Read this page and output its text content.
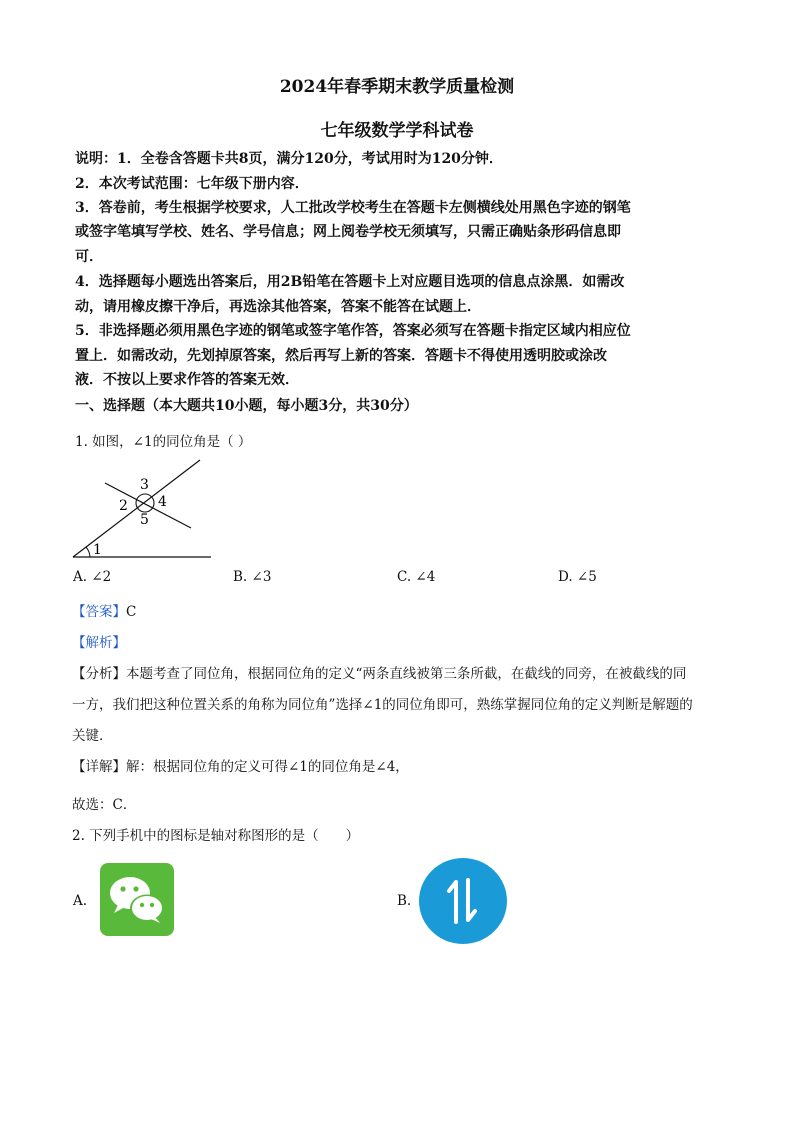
2024年春季期末教学质量检测
七年级数学学科试卷
说明：1．全卷含答题卡共8页，满分120分，考试用时为120分钟．
2．本次考试范围：七年级下册内容．
3．答卷前，考生根据学校要求，人工批改学校考生在答题卡左侧横线处用黑色字迹的钢笔
或签字笔填写学校、姓名、学号信息；网上阅卷学校无须填写，只需正确贴条形码信息即
可．
4．选择题每小题选出答案后，用2B铅笔在答题卡上对应题目选项的信息点涂黑．如需改
动，请用橡皮擦干净后，再选涂其他答案，答案不能答在试题上．
5．非选择题必须用黑色字迹的钢笔或签字笔作答，答案必须写在答题卡指定区域内相应位
置上．如需改动，先划掉原答案，然后再写上新的答案．答题卡不得使用透明胶或涂改
液．不按以上要求作答的答案无效．
一、选择题（本大题共10小题，每小题3分，共30分）
1. 如图，∠1的同位角是（ ）
3
2 4
5
1
A. ∠2	B. ∠3	C. ∠4	D. ∠5
【答案】C
【解析】
【分析】本题考查了同位角，根据同位角的定义“两条直线被第三条所截，在截线的同旁，在被截线的同
一方，我们把这种位置关系的角称为同位角”选择∠1的同位角即可，熟练掌握同位角的定义判断是解题的
关键．
【详解】解：根据同位角的定义可得∠1的同位角是∠4，
故选：C．
2. 下列手机中的图标是轴对称图形的是（　　）
A.	B.
